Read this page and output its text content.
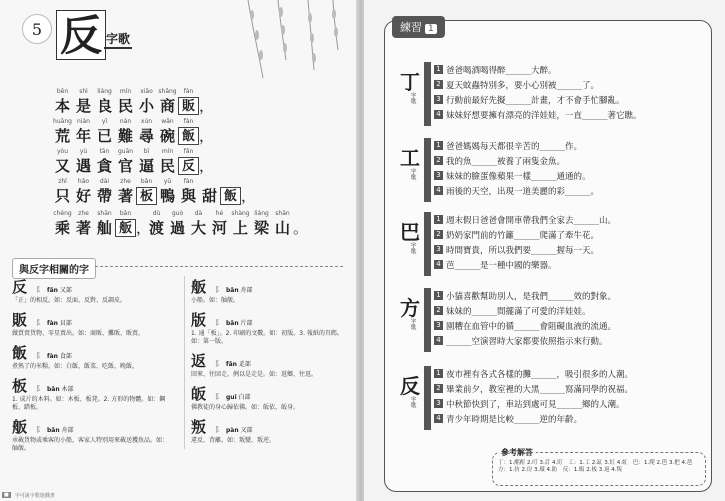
5 反 字歌
běn	shì	liáng	mín	xiǎo shāng	fàn
本 是 良 民 小 商 販 ，
huāng nián	yǐ	nán	xún	wǎn	fàn
荒 年 已 難 尋 碗 飯 ，
yòu	yù	tān	guān	bī	mín	fǎn
又 遇 貪 官 逼 民 反 ，
zhǐ	hǎo	dài	zhe	bǎn	yǔ	fàn
只 好 帶 著 板 鴨 與 甜 飯 ，
chéng	zhe	shān	bǎn	dù	guò	dà	hé	shàng liáng	shān
乘 著 舢 舨 ，
渡 過 大 河 上 梁 山 。
與反字相關的字
反	⻖ fǎn 又部
「正」的相反。如：反面、反對、反調皮。
販	⻖ fàn 貝部
做買賣貨物、零星賣出。如：商販、攤販、販賣。
飯	⻖ fàn 食部
煮熟了的米糧。如：白飯、飯菜、吃飯、晚飯。
板	⻖ bǎn 木部
1. 成片的木料。如：木板、板凳。2. 方形的物體。如：鋼板、踏板。
舨	⻖ bǎn 舟部
承載貨物或乘客的小船，客家人特別用來載送獲魚品。如：舢舨。
舨	⻖ bǎn 舟部
小船。如：舢舨。
版	⻖ bǎn 片部
1. 通「板」。2. 印刷的文數。如：初版。3. 報紙的頁碼。如：第一版。
返	⻖ fǎn 辵部
回來、往回走。例以是走是。如：返鄉、往返。
皈	⻖ guī 白部
佛教徒的身心歸依佛。如：皈依、皈身。
叛	⻖ pàn 又部
違反、背離。如：叛變、叛逆。
■	字可說字歌遊戲書
練習 1
丁
字歌
1 爸爸喝酒喝得醉______大醉。
2 夏天蚊蟲特別多，要小心別被______了。
3 行動前最好先擬______計畫，才不會手忙腳亂。
4 妹妹好想要擁有漂亮的洋娃娃，一直______著它瞧。
工
字歌
1 爸爸媽媽每天都很辛苦的______作。
2 我的魚______被養了兩隻金魚。
3 妹妹的臉蛋像蘋果一樣______通通的。
4 雨後的天空，出現一道美麗的彩______。
巴
字歌
1 週末假日爸爸會開車帶我們全家去______山。
2 奶奶家門前的竹籬______爬滿了牽牛花。
3 時間寶貴，所以我們要______握每一天。
4 芭______是一種中國的樂器。
方
字歌
1 小貓喜歡幫助別人，是我們______效的對象。
2 妹妹的______間擺滿了可愛的洋娃娃。
3 園糟在血管中的循______會阻礙血液的流通。
4 ______空演習時大家都要依照指示來行動。
反
字歌
1 夜市裡有各式各樣的攤______，吸引很多的人潮。
2 畢業前夕，教室裡的大黑______寫滿同學的祝福。
3 中秋節快到了，車站到處可見______鄉的人潮。
4 青少年時期是比較______逆的年齡。
參考解答
丁：1.酩酊 2.叮 3.訂 4.盯　工：1.工 2.缸 3.紅 4.虹　巴：1.爬 2.笆 3.把 4.琶
方：1.仿 2.房 3.環 4.防　反：1.販 2.板 3.返 4.叛
